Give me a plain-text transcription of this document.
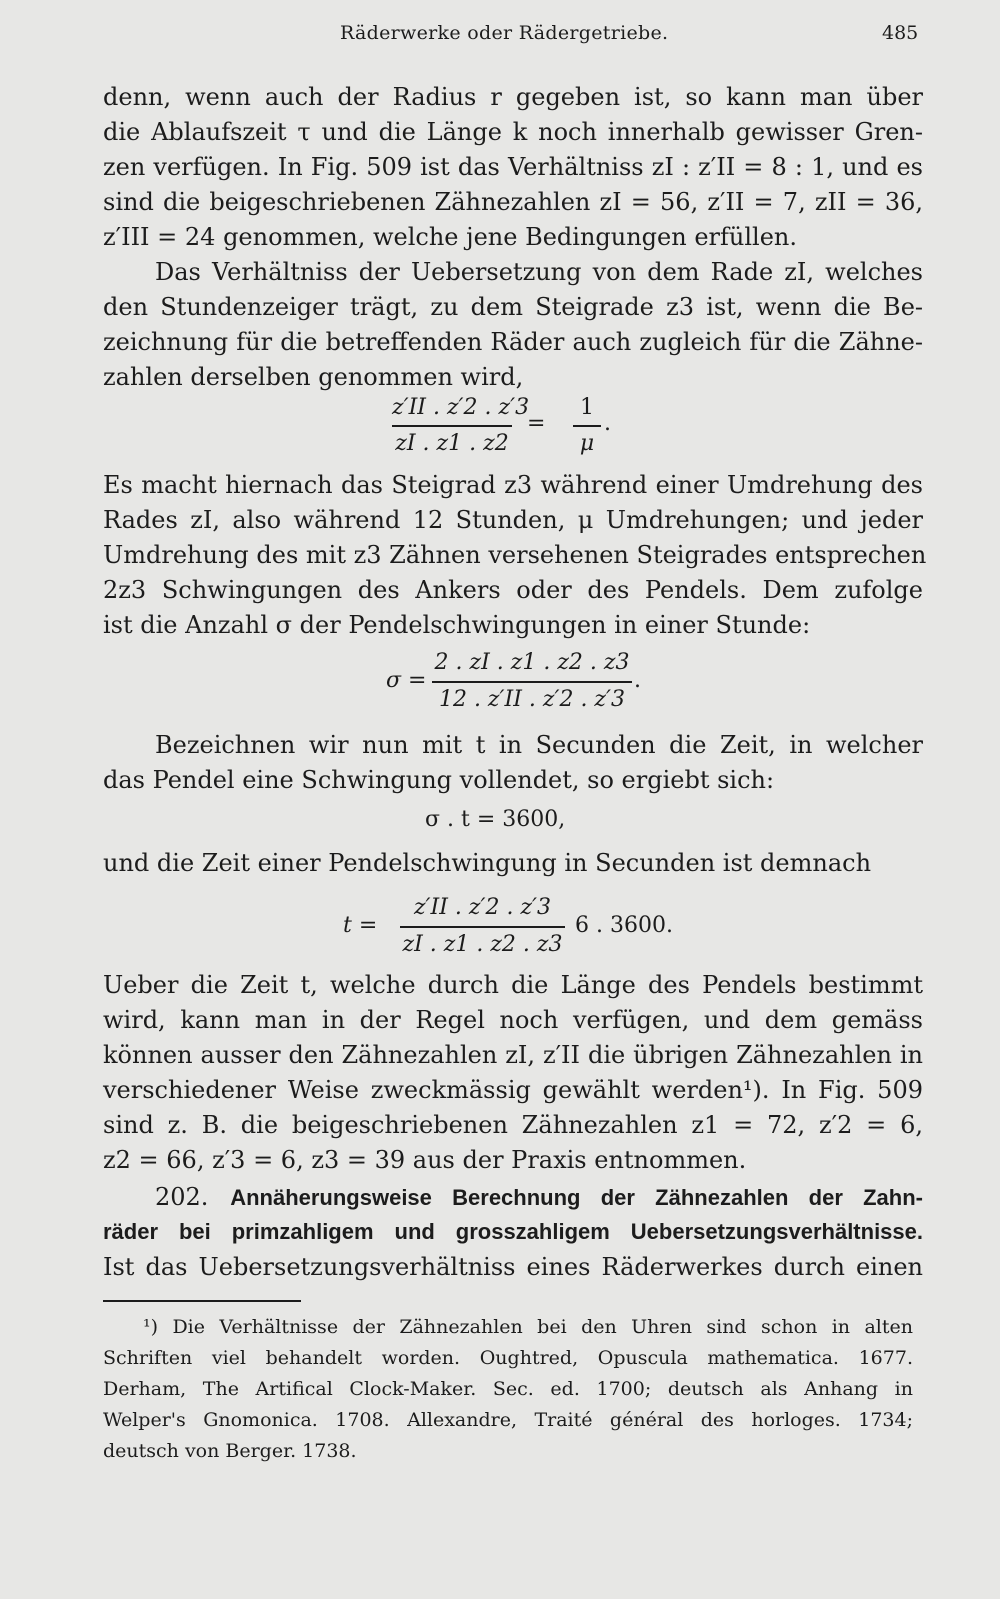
Räderwerke oder Rädergetriebe.	485
denn, wenn auch der Radius r gegeben ist, so kann man über
die Ablaufszeit τ und die Länge k noch innerhalb gewisser Gren-
zen verfügen. In Fig. 509 ist das Verhältniss zI : z′II = 8 : 1, und es
sind die beigeschriebenen Zähnezahlen zI = 56, z′II = 7, zII = 36,
z′III = 24 genommen, welche jene Bedingungen erfüllen.
Das Verhältniss der Uebersetzung von dem Rade zI, welches
den Stundenzeiger trägt, zu dem Steigrade z3 ist, wenn die Be-
zeichnung für die betreffenden Räder auch zugleich für die Zähne-
zahlen derselben genommen wird,
z′II . z′2 . z′3
zI . z1 . z2
=
1
μ
.
Es macht hiernach das Steigrad z3 während einer Umdrehung des
Rades zI, also während 12 Stunden, μ Umdrehungen; und jeder
Umdrehung des mit z3 Zähnen versehenen Steigrades entsprechen
2z3 Schwingungen des Ankers oder des Pendels. Dem zufolge
ist die Anzahl σ der Pendelschwingungen in einer Stunde:
σ =
2 . zI . z1 . z2 . z3
12 . z′II . z′2 . z′3
.
Bezeichnen wir nun mit t in Secunden die Zeit, in welcher
das Pendel eine Schwingung vollendet, so ergiebt sich:
σ . t = 3600,
und die Zeit einer Pendelschwingung in Secunden ist demnach
t =
z′II . z′2 . z′3
zI . z1 . z2 . z3
6 . 3600.
Ueber die Zeit t, welche durch die Länge des Pendels bestimmt
wird, kann man in der Regel noch verfügen, und dem gemäss
können ausser den Zähnezahlen zI, z′II die übrigen Zähnezahlen in
verschiedener Weise zweckmässig gewählt werden¹). In Fig. 509
sind z. B. die beigeschriebenen Zähnezahlen z1 = 72, z′2 = 6,
z2 = 66, z′3 = 6, z3 = 39 aus der Praxis entnommen.
202. Annäherungsweise Berechnung der Zähnezahlen der Zahn-
räder bei primzahligem und grosszahligem Uebersetzungsverhältnisse.
Ist das Uebersetzungsverhältniss eines Räderwerkes durch einen
¹) Die Verhältnisse der Zähnezahlen bei den Uhren sind schon in alten
Schriften viel behandelt worden. Oughtred, Opuscula mathematica. 1677.
Derham, The Artifical Clock-Maker. Sec. ed. 1700; deutsch als Anhang in
Welper's Gnomonica. 1708. Allexandre, Traité général des horloges. 1734;
deutsch von Berger. 1738.
